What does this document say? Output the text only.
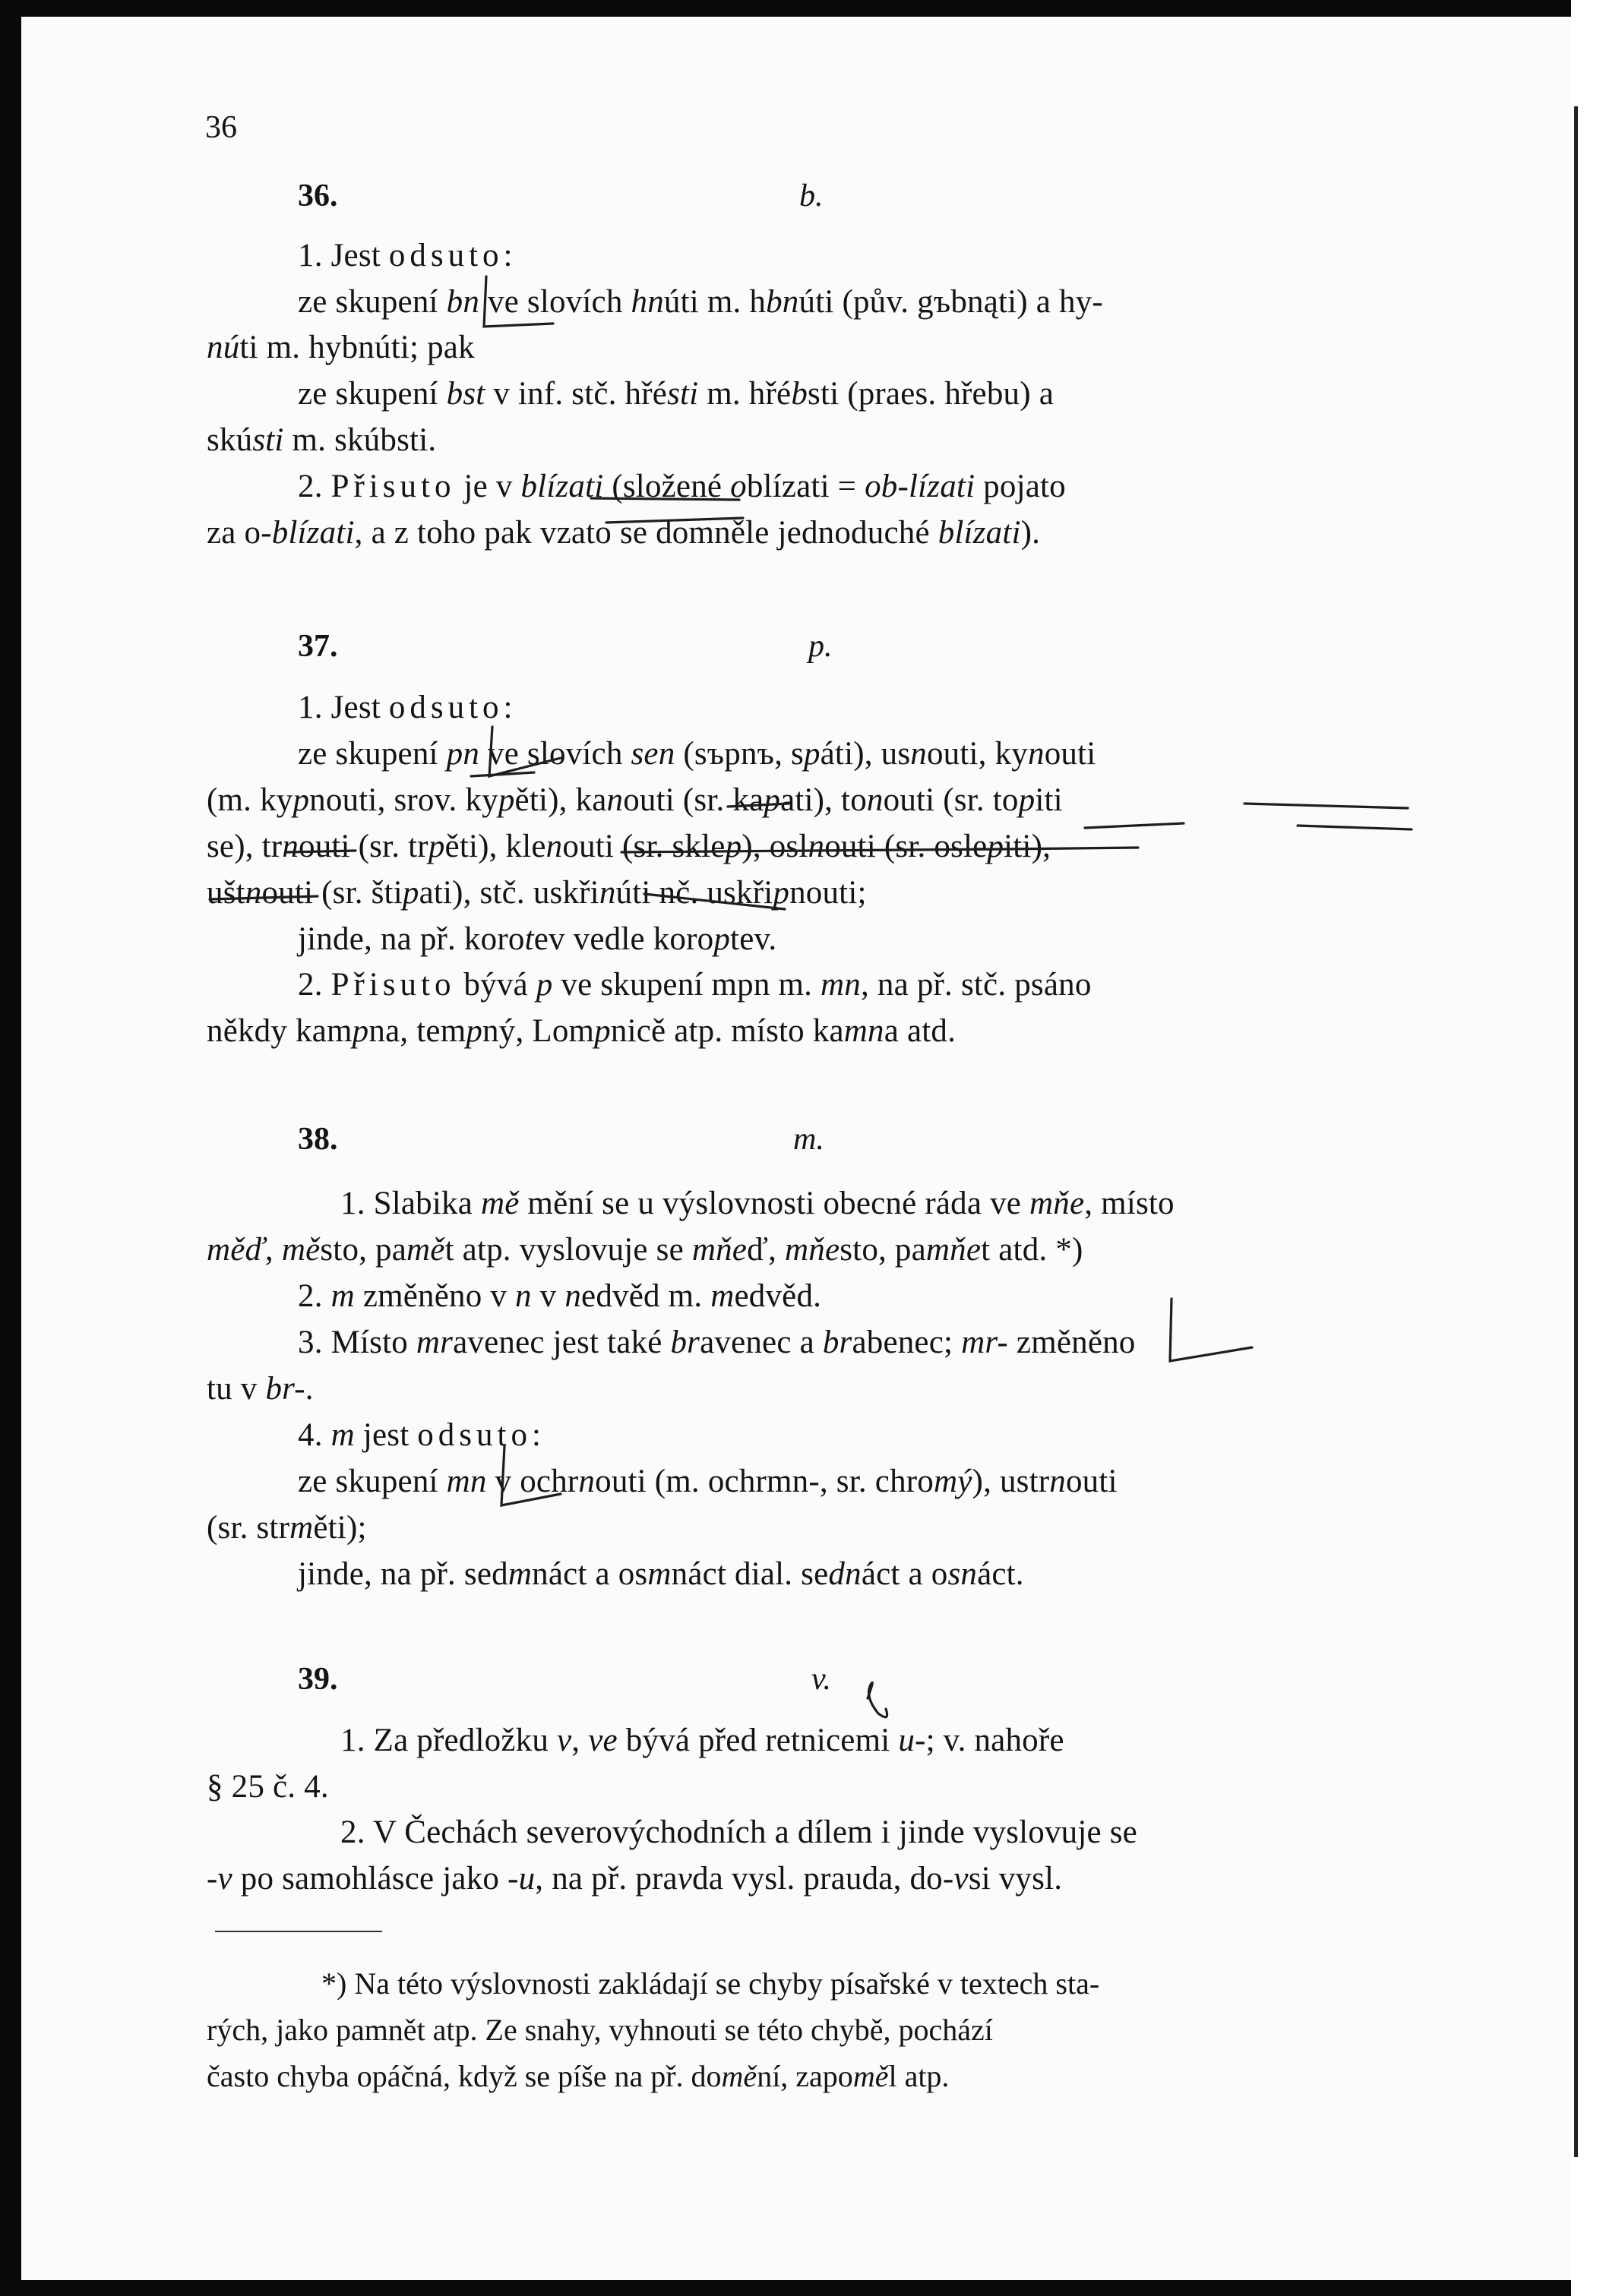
36
36.	b.
1. Jest odsuto:
ze skupení bn ve slovích hnúti m. hbnúti (pův. gъbnąti) a hy-
núti m. hybnúti; pak
ze skupení bst v inf. stč. hřésti m. hřébsti (praes. hřebu) a
skústi m. skúbsti.
2. Přisuto je v blízati (složené oblízati = ob-lízati pojato
za o-blízati, a z toho pak vzato se domněle jednoduché blízati).
37.	p.
1. Jest odsuto:
ze skupení pn ve slovích sen (sъpnъ, spáti), usnouti, kynouti
(m. kypnouti, srov. kypěti), kanouti (sr. kapati), tonouti (sr. topiti
se), trnouti (sr. trpěti), klenouti (sr. sklep), oslnouti (sr. oslepiti),
uštnouti (sr. štipati), stč. uskřinúti nč. uskřipnouti;
jinde, na př. korotev vedle koroptev.
2. Přisuto bývá p ve skupení mpn m. mn, na př. stč. psáno
někdy kampna, tempný, Lompnicě atp. místo kamna atd.
38.	m.
1. Slabika mě mění se u výslovnosti obecné ráda ve mňe, místo
měď, město, pamět atp. vyslovuje se mňeď, mňesto, pamňet atd. *)
2. m změněno v n v nedvěd m. medvěd.
3. Místo mravenec jest také bravenec a brabenec; mr- změněno
tu v br-.
4. m jest odsuto:
ze skupení mn v ochrnouti (m. ochrmn-, sr. chromý), ustrnouti
(sr. strměti);
jinde, na př. sedmnáct a osmnáct dial. sednáct a osnáct.
39.	v.
1. Za předložku v, ve bývá před retnicemi u-; v. nahoře
§ 25 č. 4.
2. V Čechách severovýchodních a dílem i jinde vyslovuje se
-v po samohlásce jako -u, na př. pravda vysl. prauda, do-vsi vysl.
*) Na této výslovnosti zakládají se chyby písařské v textech sta-
rých, jako pamnět atp. Ze snahy, vyhnouti se této chybě, pochází
často chyba opáčná, když se píše na př. domění, zapoměl atp.
